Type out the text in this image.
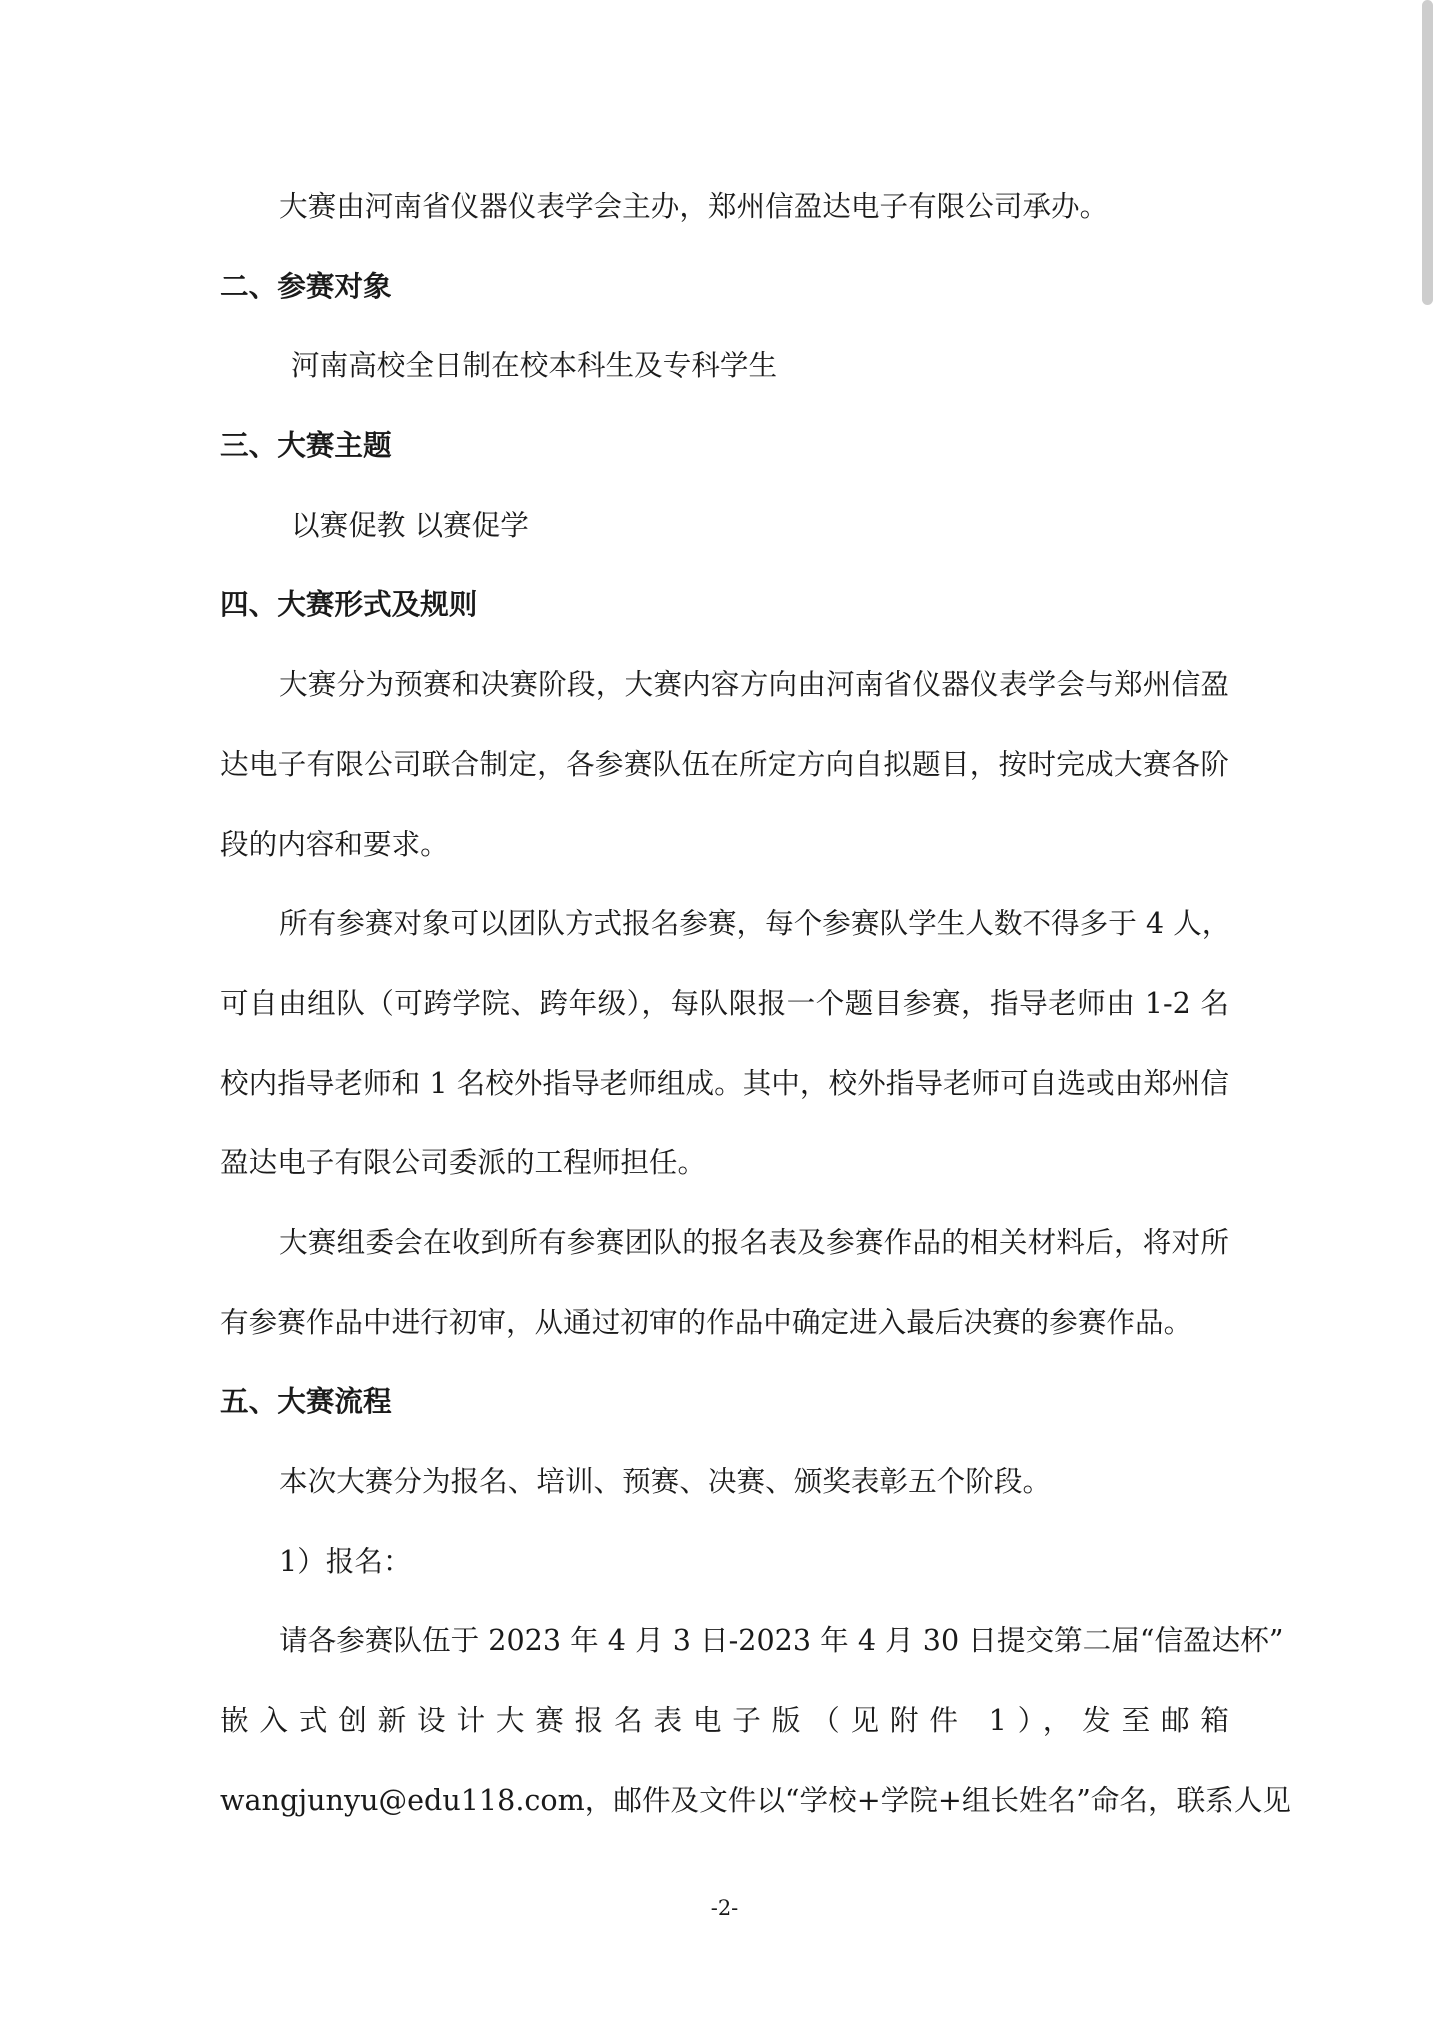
大赛由河南省仪器仪表学会主办，郑州信盈达电子有限公司承办。
二、参赛对象
河南高校全日制在校本科生及专科学生
三、大赛主题
以赛促教 以赛促学
四、大赛形式及规则
大赛分为预赛和决赛阶段，大赛内容方向由河南省仪器仪表学会与郑州信盈
达电子有限公司联合制定，各参赛队伍在所定方向自拟题目，按时完成大赛各阶
段的内容和要求。
所有参赛对象可以团队方式报名参赛，每个参赛队学生人数不得多于 4 人，
可自由组队（可跨学院、跨年级），每队限报一个题目参赛，指导老师由 1-2 名
校内指导老师和 1 名校外指导老师组成。其中，校外指导老师可自选或由郑州信
盈达电子有限公司委派的工程师担任。
大赛组委会在收到所有参赛团队的报名表及参赛作品的相关材料后，将对所
有参赛作品中进行初审，从通过初审的作品中确定进入最后决赛的参赛作品。
五、大赛流程
本次大赛分为报名、培训、预赛、决赛、颁奖表彰五个阶段。
1）报名：
请各参赛队伍于 2023 年 4 月 3 日-2023 年 4 月 30 日提交第二届“信盈达杯”
嵌入式创新设计大赛报名表电子版（见附件 1），发至邮箱
wangjunyu@edu118.com，邮件及文件以“学校+学院+组长姓名”命名，联系人见
-2-
